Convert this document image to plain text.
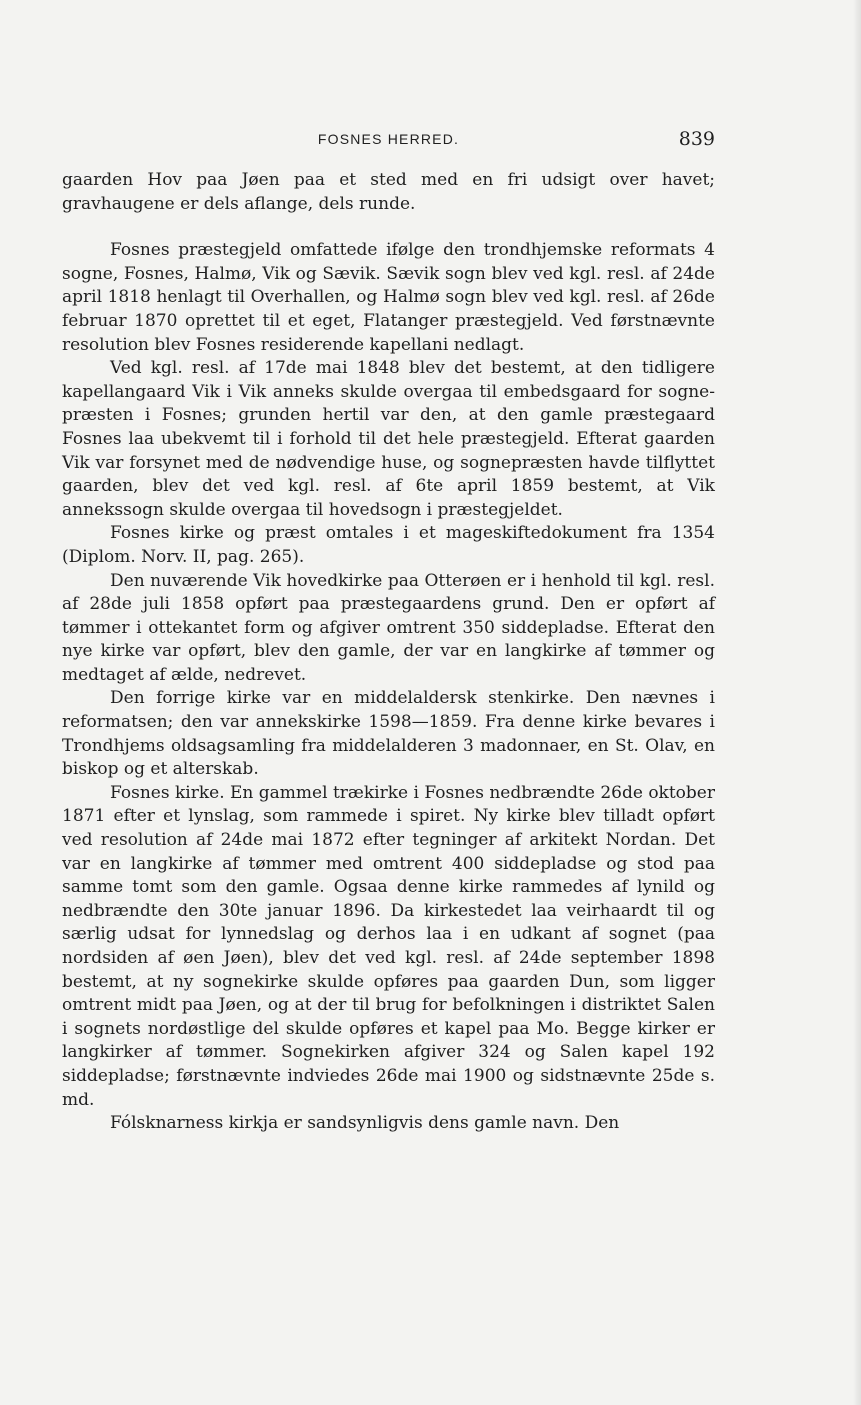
FOSNES HERRED.	839

gaarden Hov paa Jøen paa et sted med en fri udsigt over havet; gravhaugene er dels aflange, dels runde.

Fosnes præstegjeld omfattede ifølge den trondhjemske reformats 4 sogne, Fosnes, Halmø, Vik og Sævik. Sævik sogn blev ved kgl. resl. af 24de april 1818 henlagt til Overhallen, og Halmø sogn blev ved kgl. resl. af 26de februar 1870 oprettet til et eget, Flatanger præstegjeld. Ved førstnævnte resolution blev Fosnes residerende kapellani nedlagt.

Ved kgl. resl. af 17de mai 1848 blev det bestemt, at den tidligere kapellangaard Vik i Vik anneks skulde overgaa til embedsgaard for sognepræsten i Fosnes; grunden hertil var den, at den gamle præstegaard Fosnes laa ubekvemt til i forhold til det hele præstegjeld. Efterat gaarden Vik var forsynet med de nødvendige huse, og sognepræsten havde tilflyttet gaarden, blev det ved kgl. resl. af 6te april 1859 bestemt, at Vik annekssogn skulde overgaa til hovedsogn i præstegjeldet.

Fosnes kirke og præst omtales i et mageskiftedokument fra 1354 (Diplom. Norv. II, pag. 265).

Den nuværende Vik hovedkirke paa Otterøen er i henhold til kgl. resl. af 28de juli 1858 opført paa præstegaardens grund. Den er opført af tømmer i ottekantet form og afgiver omtrent 350 siddepladse. Efterat den nye kirke var opført, blev den gamle, der var en langkirke af tømmer og medtaget af ælde, nedrevet.

Den forrige kirke var en middelaldersk stenkirke. Den nævnes i reformatsen; den var annekskirke 1598—1859. Fra denne kirke bevares i Trondhjems oldsagsamling fra middelalderen 3 madonnaer, en St. Olav, en biskop og et alterskab.

Fosnes kirke. En gammel trækirke i Fosnes nedbrændte 26de oktober 1871 efter et lynslag, som rammede i spiret. Ny kirke blev tilladt opført ved resolution af 24de mai 1872 efter tegninger af arkitekt Nordan. Det var en langkirke af tømmer med omtrent 400 siddepladse og stod paa samme tomt som den gamle. Ogsaa denne kirke rammedes af lynild og nedbrændte den 30te januar 1896. Da kirkestedet laa veirhaardt til og særlig udsat for lynnedslag og derhos laa i en udkant af sognet (paa nordsiden af øen Jøen), blev det ved kgl. resl. af 24de september 1898 bestemt, at ny sognekirke skulde opføres paa gaarden Dun, som ligger omtrent midt paa Jøen, og at der til brug for befolkningen i distriktet Salen i sognets nordøstlige del skulde opføres et kapel paa Mo. Begge kirker er langkirker af tømmer. Sognekirken afgiver 324 og Salen kapel 192 siddepladse; førstnævnte indviedes 26de mai 1900 og sidstnævnte 25de s. md.

Fólsknarness kirkja er sandsynligvis dens gamle navn. Den
